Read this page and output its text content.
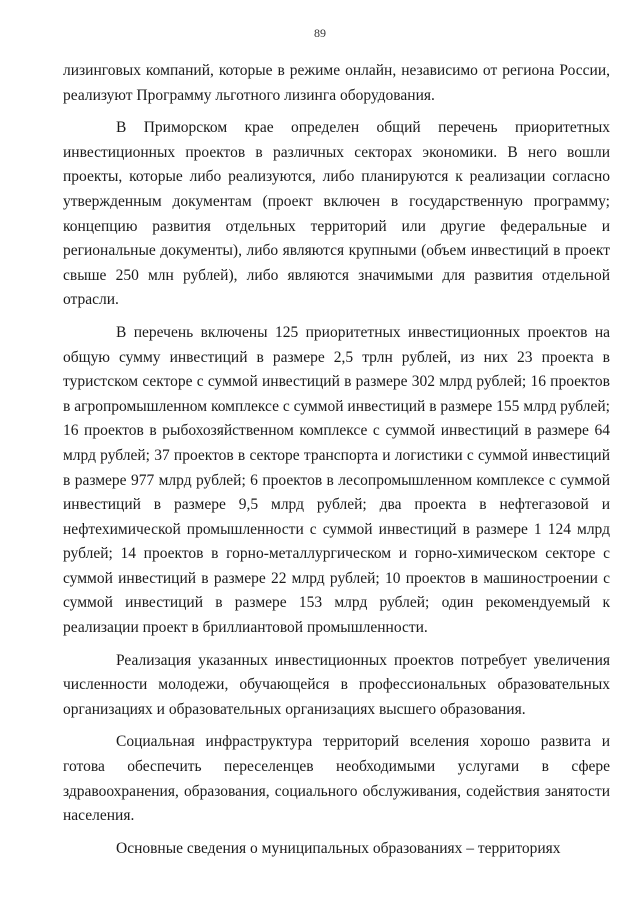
89

лизинговых компаний, которые в режиме онлайн, независимо от региона России, реализуют Программу льготного лизинга оборудования.

В Приморском крае определен общий перечень приоритетных инвестиционных проектов в различных секторах экономики. В него вошли проекты, которые либо реализуются, либо планируются к реализации согласно утвержденным документам (проект включен в государственную программу; концепцию развития отдельных территорий или другие федеральные и региональные документы), либо являются крупными (объем инвестиций в проект свыше 250 млн рублей), либо являются значимыми для развития отдельной отрасли.

В перечень включены 125 приоритетных инвестиционных проектов на общую сумму инвестиций в размере 2,5 трлн рублей, из них 23 проекта в туристском секторе с суммой инвестиций в размере 302 млрд рублей; 16 проектов в агропромышленном комплексе с суммой инвестиций в размере 155 млрд рублей; 16 проектов в рыбохозяйственном комплексе с суммой инвестиций в размере 64 млрд рублей; 37 проектов в секторе транспорта и логистики с суммой инвестиций в размере 977 млрд рублей; 6 проектов в лесопромышленном комплексе с суммой инвестиций в размере 9,5 млрд рублей; два проекта в нефтегазовой и нефтехимической промышленности с суммой инвестиций в размере 1 124 млрд рублей; 14 проектов в горно-металлургическом и горно-химическом секторе с суммой инвестиций в размере 22 млрд рублей; 10 проектов в машиностроении с суммой инвестиций в размере 153 млрд рублей; один рекомендуемый к реализации проект в бриллиантовой промышленности.

Реализация указанных инвестиционных проектов потребует увеличения численности молодежи, обучающейся в профессиональных образовательных организациях и образовательных организациях высшего образования.

Социальная инфраструктура территорий вселения хорошо развита и готова обеспечить переселенцев необходимыми услугами в сфере здравоохранения, образования, социального обслуживания, содействия занятости населения.

Основные сведения о муниципальных образованиях – территориях
